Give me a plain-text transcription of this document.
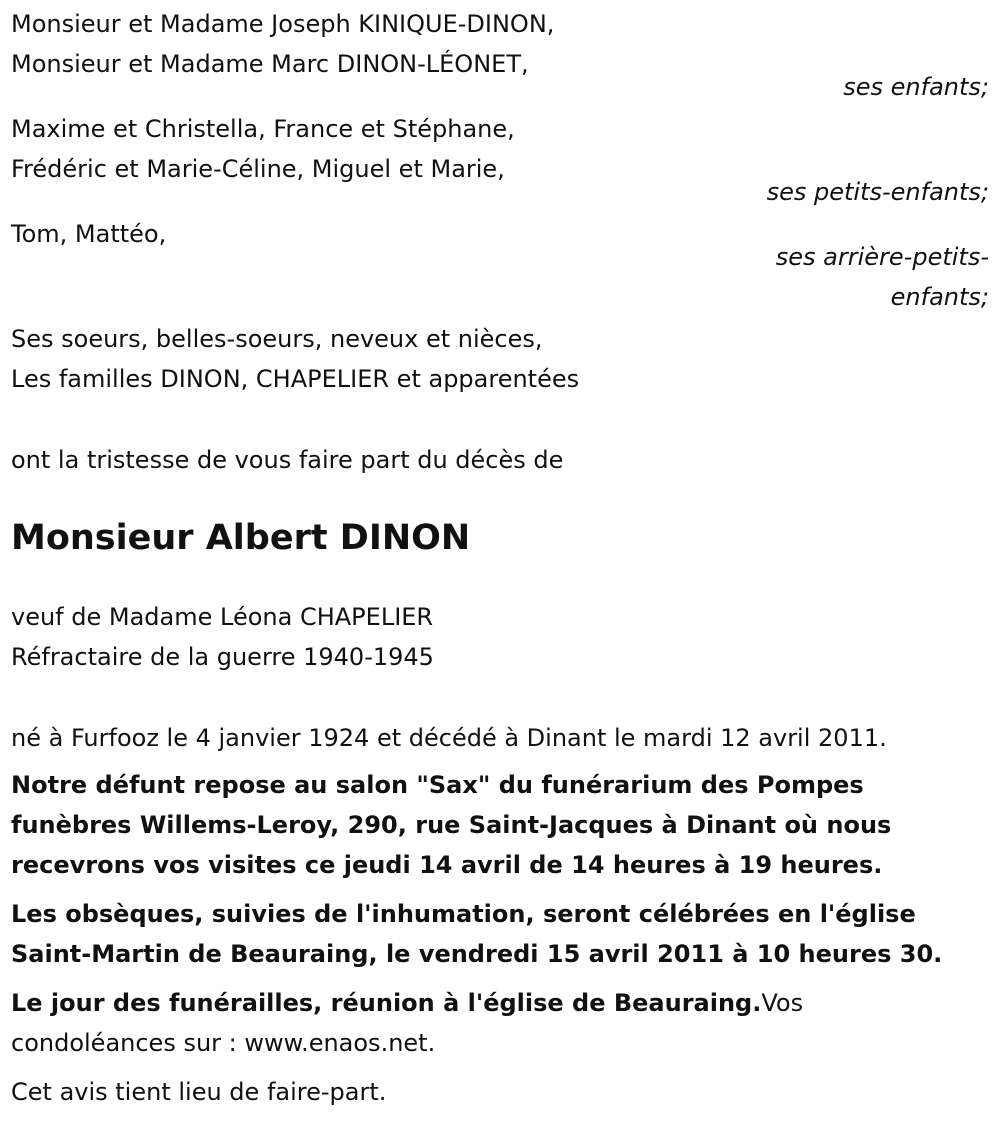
Monsieur et Madame Joseph KINIQUE-DINON,
Monsieur et Madame Marc DINON-LÉONET,
ses enfants;
Maxime et Christella, France et Stéphane,
Frédéric et Marie-Céline, Miguel et Marie,
ses petits-enfants;
Tom, Mattéo,
ses arrière-petits-
enfants;
Ses soeurs, belles-soeurs, neveux et nièces,
Les familles DINON, CHAPELIER et apparentées
ont la tristesse de vous faire part du décès de
Monsieur Albert DINON
veuf de Madame Léona CHAPELIER
Réfractaire de la guerre 1940-1945
né à Furfooz le 4 janvier 1924 et décédé à Dinant le mardi 12 avril 2011.
Notre défunt repose au salon "Sax" du funérarium des Pompes
funèbres Willems-Leroy, 290, rue Saint-Jacques à Dinant où nous
recevrons vos visites ce jeudi 14 avril de 14 heures à 19 heures.
Les obsèques, suivies de l'inhumation, seront célébrées en l'église
Saint-Martin de Beauraing, le vendredi 15 avril 2011 à 10 heures 30.
Le jour des funérailles, réunion à l'église de Beauraing.Vos
condoléances sur : www.enaos.net.
Cet avis tient lieu de faire-part.
